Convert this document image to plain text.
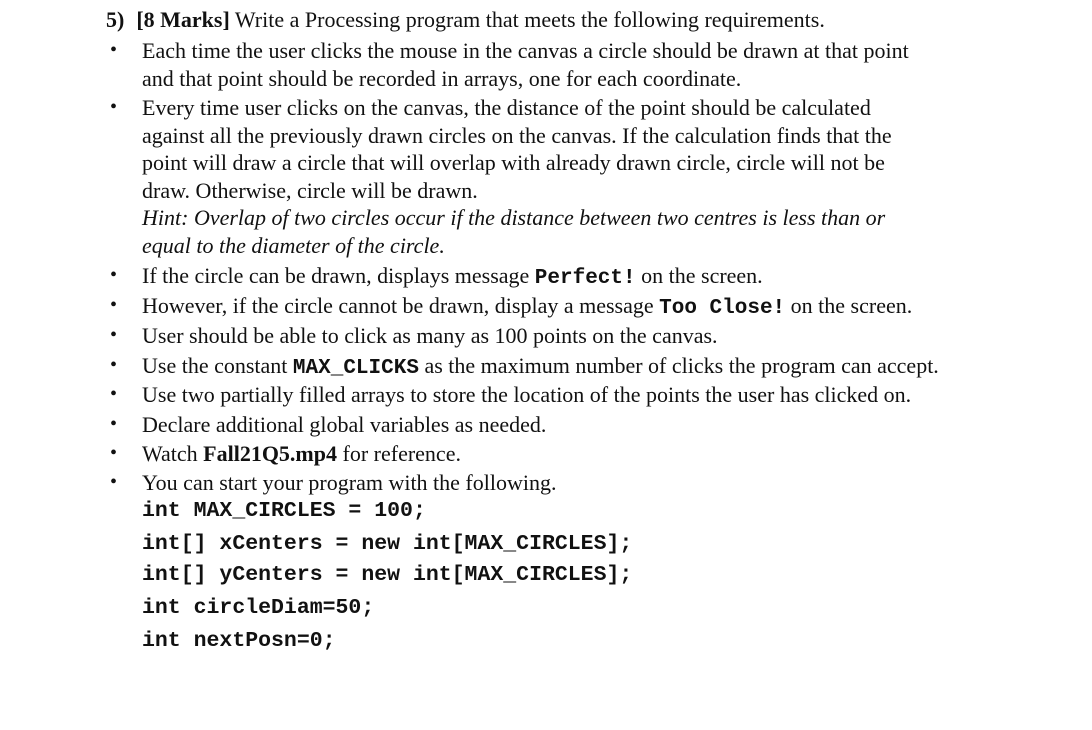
5) [8 Marks] Write a Processing program that meets the following requirements.
• Each time the user clicks the mouse in the canvas a circle should be drawn at that point
and that point should be recorded in arrays, one for each coordinate.
• Every time user clicks on the canvas, the distance of the point should be calculated
against all the previously drawn circles on the canvas. If the calculation finds that the
point will draw a circle that will overlap with already drawn circle, circle will not be
draw. Otherwise, circle will be drawn.
Hint: Overlap of two circles occur if the distance between two centres is less than or
equal to the diameter of the circle.
• If the circle can be drawn, displays message Perfect! on the screen.
• However, if the circle cannot be drawn, display a message Too Close! on the screen.
• User should be able to click as many as 100 points on the canvas.
• Use the constant MAX_CLICKS as the maximum number of clicks the program can accept.
• Use two partially filled arrays to store the location of the points the user has clicked on.
• Declare additional global variables as needed.
• Watch Fall21Q5.mp4 for reference.
• You can start your program with the following.
int MAX_CIRCLES = 100;
int[] xCenters = new int[MAX_CIRCLES];
int[] yCenters = new int[MAX_CIRCLES];
int circleDiam=50;
int nextPosn=0;
